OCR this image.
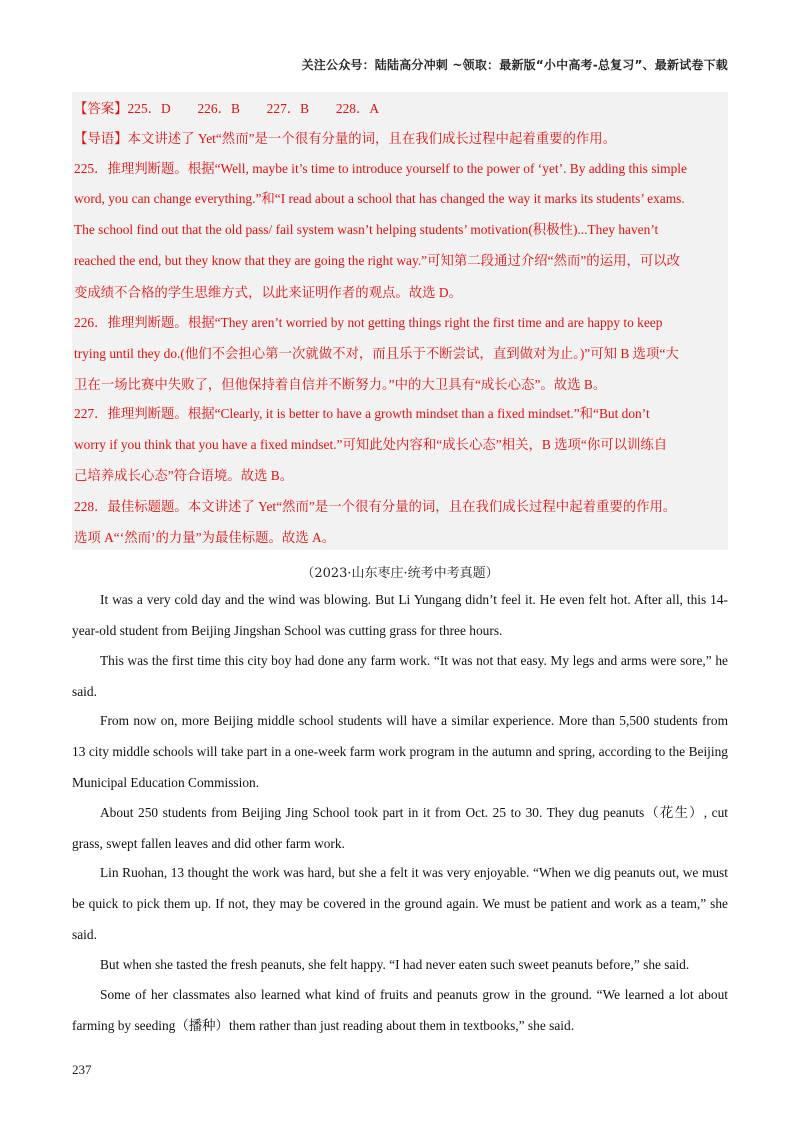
关注公众号：陆陆高分冲刺 ~领取：最新版“小中高考-总复习”、最新试卷下载
【答案】225．D　　226．B　　227．B　　228．A
【导语】本文讲述了 Yet“然而”是一个很有分量的词，且在我们成长过程中起着重要的作用。
225．推理判断题。根据“Well, maybe it’s time to introduce yourself to the power of ‘yet’. By adding this simple
word, you can change everything.”和“I read about a school that has changed the way it marks its students’ exams.
The school find out that the old pass/ fail system wasn’t helping students’ motivation(积极性)...They haven’t
reached the end, but they know that they are going the right way.”可知第二段通过介绍“然而”的运用，可以改
变成绩不合格的学生思维方式，以此来证明作者的观点。故选 D。
226．推理判断题。根据“They aren’t worried by not getting things right the first time and are happy to keep
trying until they do.(他们不会担心第一次就做不对，而且乐于不断尝试，直到做对为止。)”可知 B 选项“大
卫在一场比赛中失败了，但他保持着自信并不断努力。”中的大卫具有“成长心态”。故选 B。
227．推理判断题。根据“Clearly, it is better to have a growth mindset than a fixed mindset.”和“But don’t
worry if you think that you have a fixed mindset.”可知此处内容和“成长心态”相关，B 选项“你可以训练自
己培养成长心态”符合语境。故选 B。
228．最佳标题题。本文讲述了 Yet“然而”是一个很有分量的词，且在我们成长过程中起着重要的作用。
选项 A“‘然而’的力量”为最佳标题。故选 A。
（2023·山东枣庄·统考中考真题）
It was a very cold day and the wind was blowing. But Li Yungang didn’t feel it. He even felt hot. After all, this 14-year-old student from Beijing Jingshan School was cutting grass for three hours.
This was the first time this city boy had done any farm work. “It was not that easy. My legs and arms were sore,” he said.
From now on, more Beijing middle school students will have a similar experience. More than 5,500 students from 13 city middle schools will take part in a one-week farm work program in the autumn and spring, according to the Beijing Municipal Education Commission.
About 250 students from Beijing Jing School took part in it from Oct. 25 to 30. They dug peanuts（花生）, cut grass, swept fallen leaves and did other farm work.
Lin Ruohan, 13 thought the work was hard, but she a felt it was very enjoyable. “When we dig peanuts out, we must be quick to pick them up. If not, they may be covered in the ground again. We must be patient and work as a team,” she said.
But when she tasted the fresh peanuts, she felt happy. “I had never eaten such sweet peanuts before,” she said.
Some of her classmates also learned what kind of fruits and peanuts grow in the ground. “We learned a lot about farming by seeding（播种）them rather than just reading about them in textbooks,” she said.
237
